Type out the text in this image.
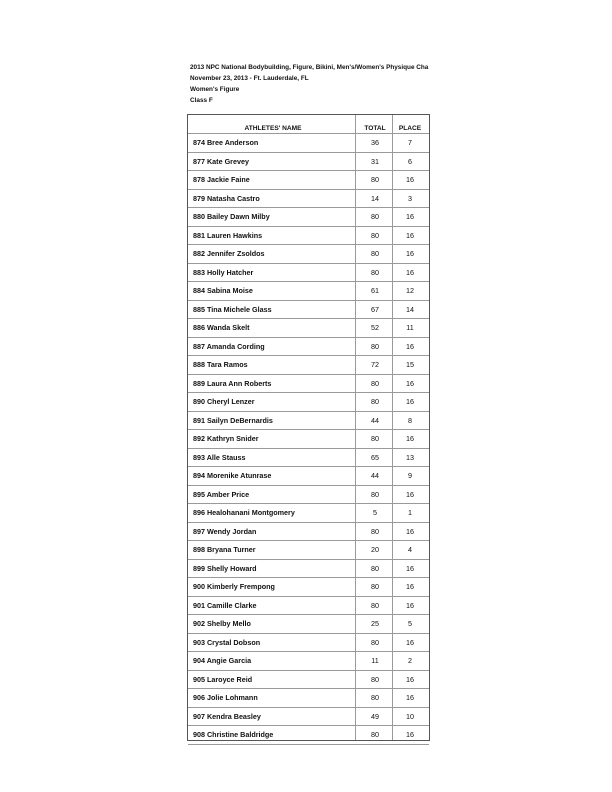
2013 NPC National Bodybuilding, Figure, Bikini, Men's/Women's Physique Cha
November 23, 2013 - Ft. Lauderdale, FL
Women's Figure
Class F
ATHLETES' NAME	TOTAL	PLACE
874 Bree Anderson	36	7
877 Kate Grevey	31	6
878 Jackie Faine	80	16
879 Natasha Castro	14	3
880 Bailey Dawn Milby	80	16
881 Lauren Hawkins	80	16
882 Jennifer Zsoldos	80	16
883 Holly Hatcher	80	16
884 Sabina Moise	61	12
885 Tina Michele Glass	67	14
886 Wanda Skelt	52	11
887 Amanda Cording	80	16
888 Tara Ramos	72	15
889 Laura Ann Roberts	80	16
890 Cheryl Lenzer	80	16
891 Sailyn DeBernardis	44	8
892 Kathryn Snider	80	16
893 Alle Stauss	65	13
894 Morenike Atunrase	44	9
895 Amber Price	80	16
896 Healohanani Montgomery	5	1
897 Wendy Jordan	80	16
898 Bryana Turner	20	4
899 Shelly Howard	80	16
900 Kimberly Frempong	80	16
901 Camille Clarke	80	16
902 Shelby Mello	25	5
903 Crystal Dobson	80	16
904 Angie Garcia	11	2
905 Laroyce Reid	80	16
906 Jolie Lohmann	80	16
907 Kendra Beasley	49	10
908 Christine Baldridge	80	16
